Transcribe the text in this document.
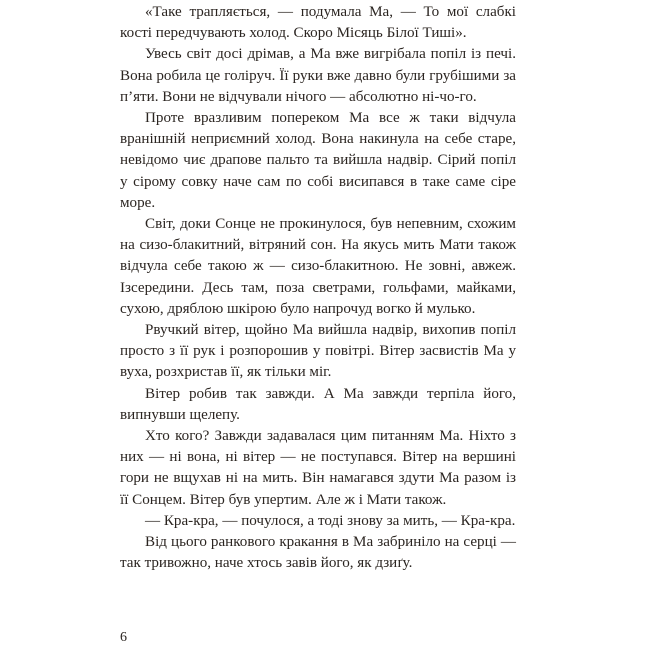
«Таке трапляється, — подумала Ма, — То мої слабкі кості передчувають холод. Скоро Місяць Білої Тиші».

Увесь світ досі дрімав, а Ма вже вигрібала попіл із печі. Вона робила це голіруч. Її руки вже давно були грубішими за п’яти. Вони не відчували нічого — абсолютно ні-чо-го.

Проте вразливим попереком Ма все ж таки відчула вранішній неприємний холод. Вона накинула на себе старе, невідомо чиє драпове пальто та вийшла надвір. Сірий попіл у сірому совку наче сам по собі висипався в таке саме сіре море.

Світ, доки Сонце не прокинулося, був непевним, схожим на сизо-блакитний, вітряний сон. На якусь мить Мати також відчула себе такою ж — сизо-блакитною. Не зовні, авжеж. Ізсередини. Десь там, поза светрами, гольфами, майками, сухою, дряблою шкірою було напрочуд вогко й мулько.

Рвучкий вітер, щойно Ма вийшла надвір, вихопив попіл просто з її рук і розпорошив у повітрі. Вітер засвистів Ма у вуха, розхристав її, як тільки міг.

Вітер робив так завжди. А Ма завжди терпіла його, випнувши щелепу.

Хто кого? Завжди задавалася цим питанням Ма. Ніхто з них — ні вона, ні вітер — не поступався. Вітер на вершині гори не вщухав ні на мить. Він намагався здути Ма разом із її Сонцем. Вітер був упертим. Але ж і Мати також.

— Кра-кра, — почулося, а тоді знову за мить, — Кра-кра.

Від цього ранкового кракання в Ма забриніло на серці — так тривожно, наче хтось завів його, як дзиґу.

6
